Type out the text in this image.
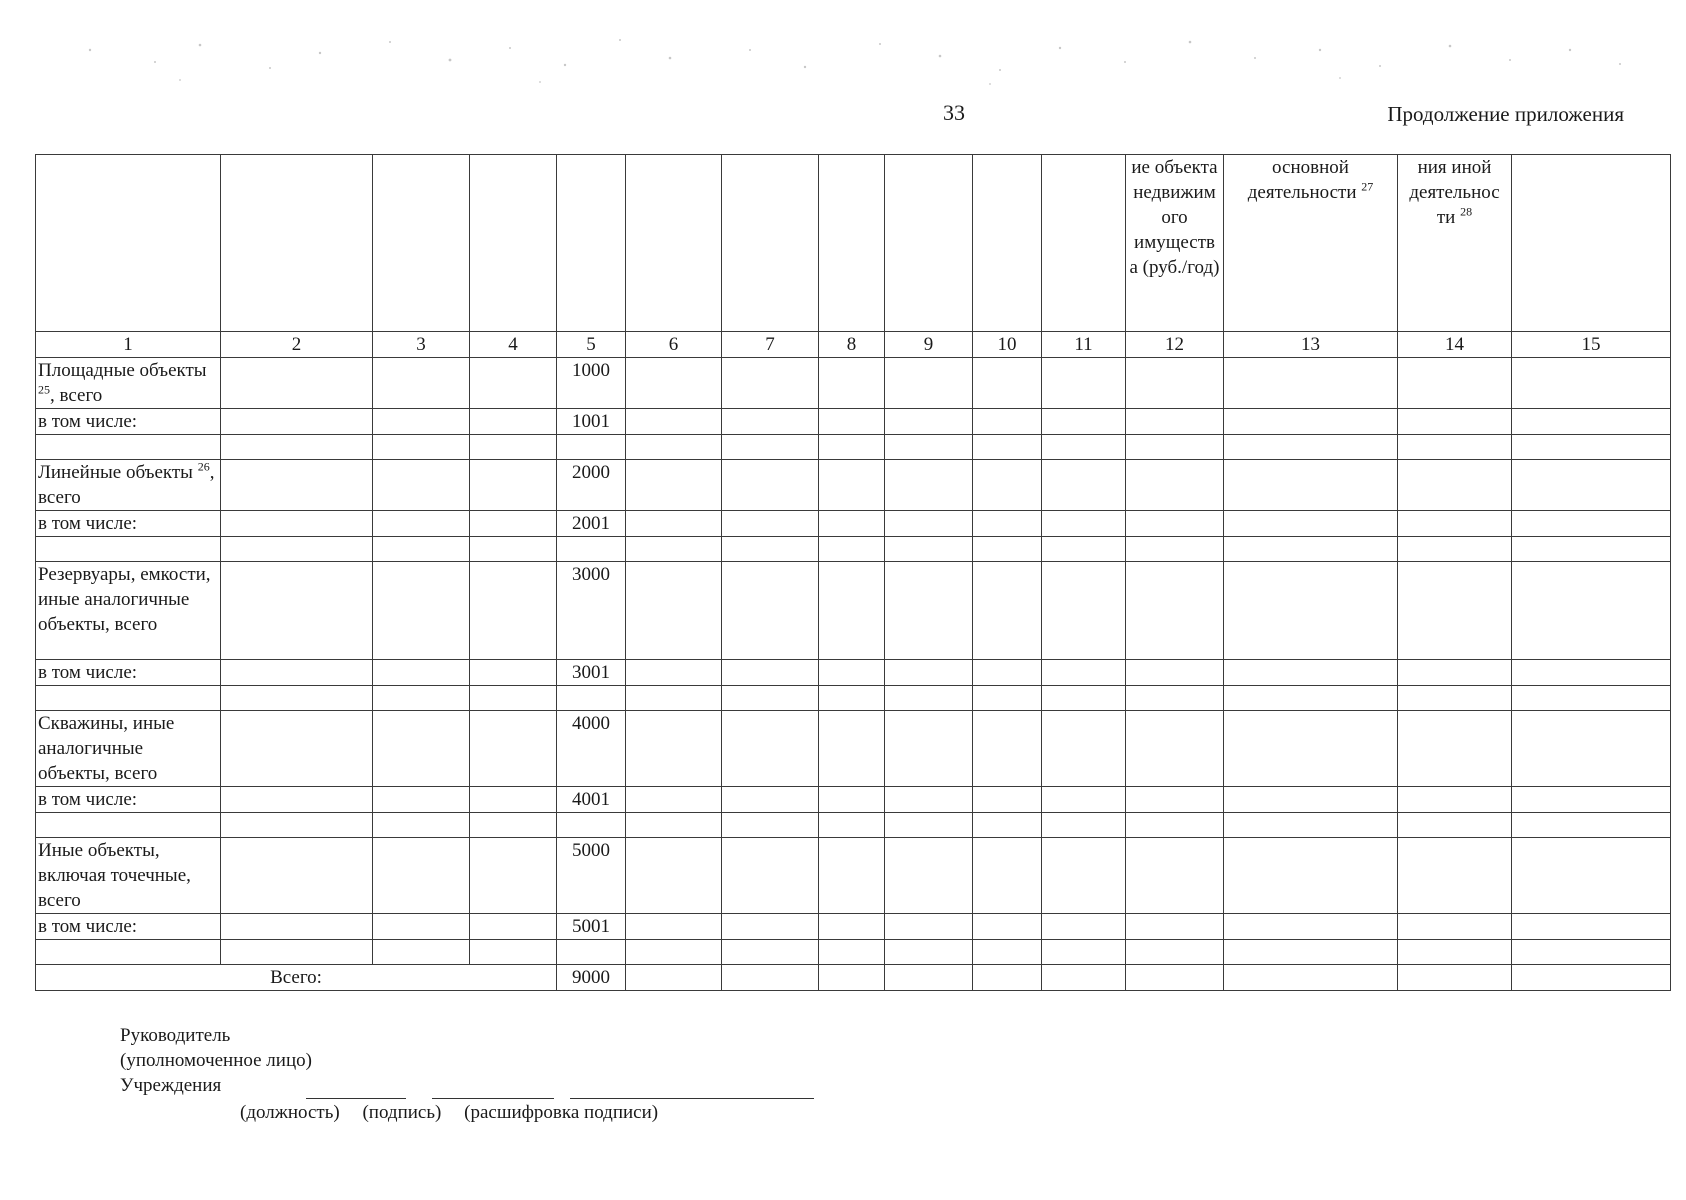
33	Продолжение приложения
											ие объекта недвижим ого имуществ а (руб./год)	основной деятельности $^{27}$	ния иной деятельнос ти $^{28}$	
1	2	3	4	5	6	7	8	9	10	11	12	13	14	15
Площадные объекты $^{25}$, всего				1000										
в том числе:				1001										

Линейные объекты $^{26}$, всего				2000										
в том числе:				2001										

Резервуары, емкости, иные аналогичные объекты, всего				3000										
в том числе:				3001										

Скважины, иные аналогичные объекты, всего				4000										
в том числе:				4001										

Иные объекты, включая точечные, всего				5000										
в том числе:				5001										

Всего:				9000										
Руководитель
(уполномоченное лицо)
Учреждения
(должность) (подпись) (расшифровка подписи)
